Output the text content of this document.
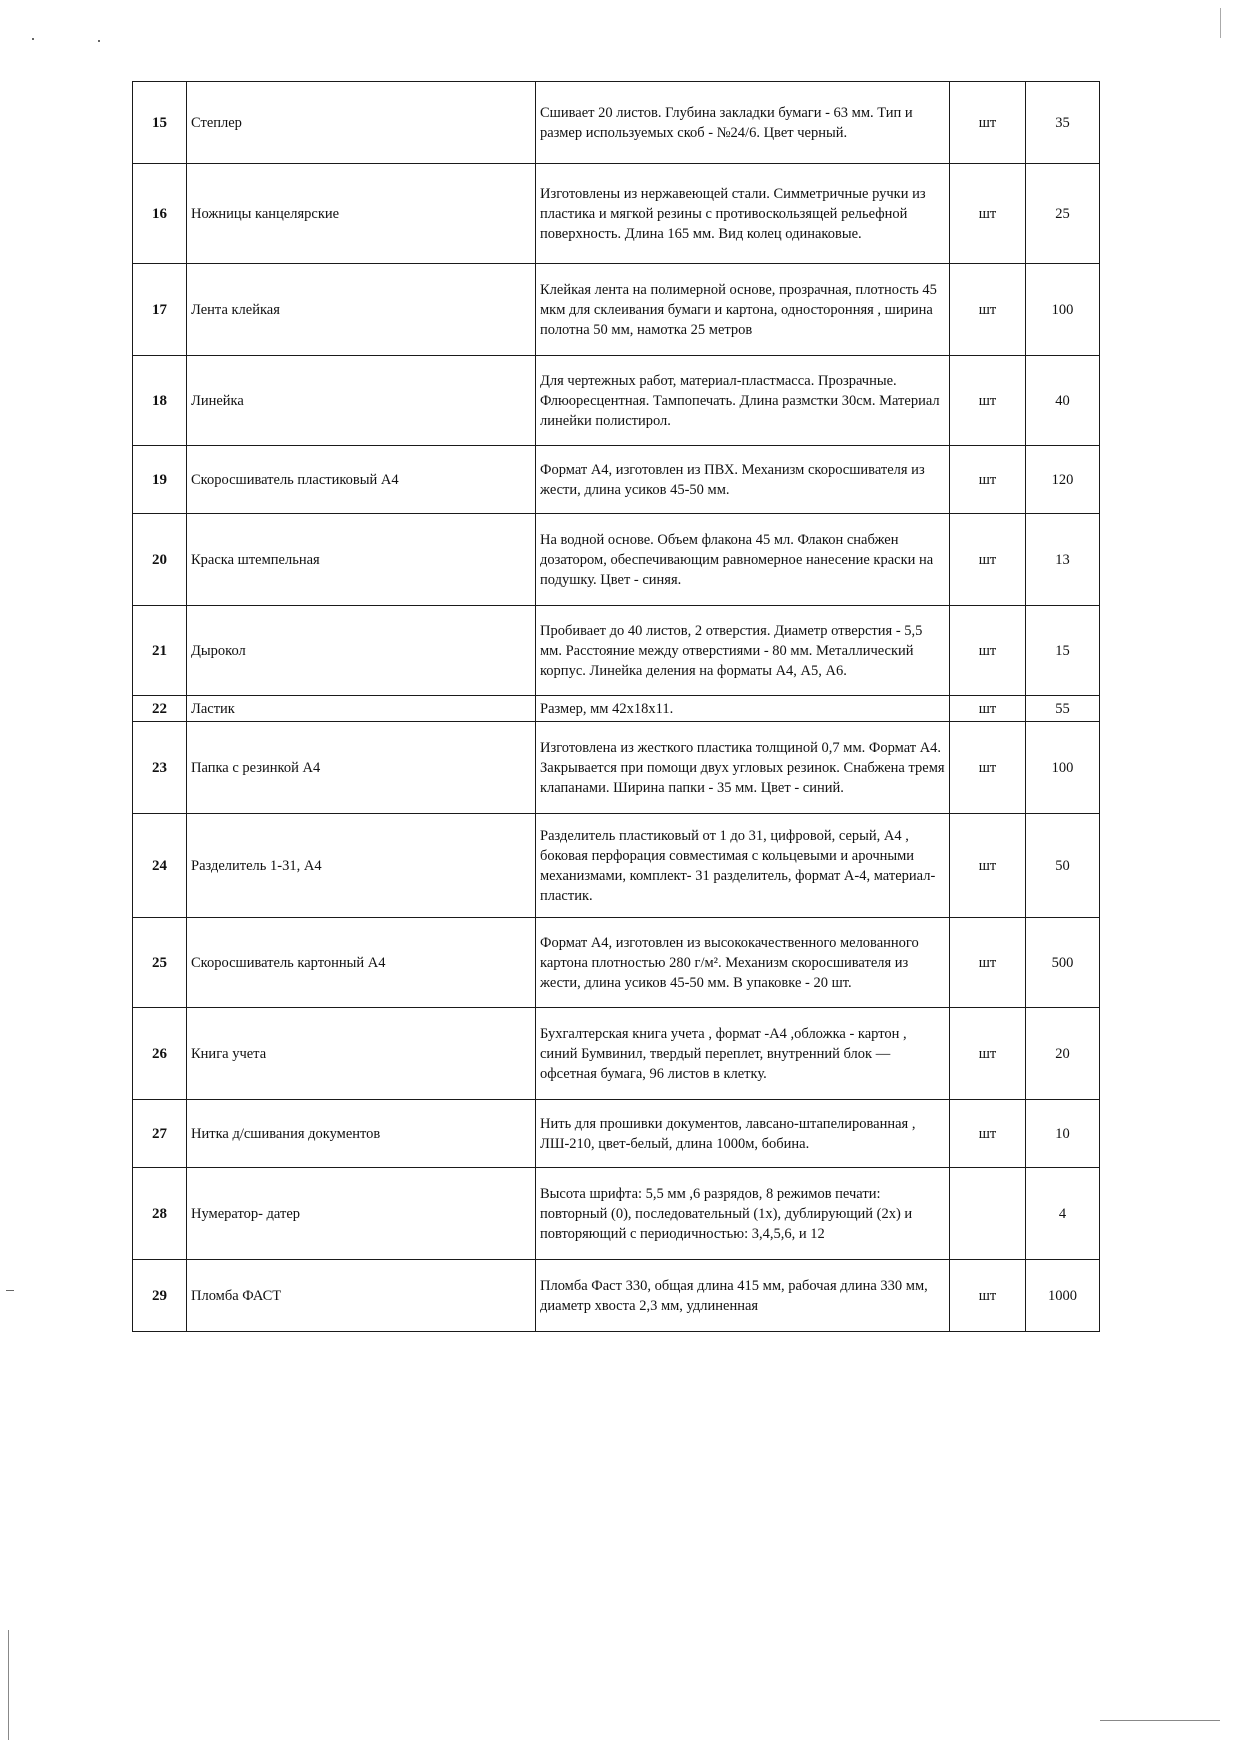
15	Степлер	Сшивает 20 листов. Глубина закладки бумаги - 63 мм. Тип и размер используемых скоб - №24/6. Цвет черный.	шт	35
16	Ножницы канцелярские	Изготовлены из нержавеющей стали. Симметричные ручки из пластика и мягкой резины с противоскользящей рельефной поверхность. Длина 165 мм. Вид колец одинаковые.	шт	25
17	Лента клейкая	Клейкая лента на полимерной основе, прозрачная, плотность 45 мкм для склеивания бумаги и картона, односторонняя , ширина полотна 50 мм, намотка 25 метров	шт	100
18	Линейка	Для чертежных работ, материал-пластмасса. Прозрачные. Флюоресцентная. Тампопечать. Длина размстки 30см. Материал линейки полистирол.	шт	40
19	Скоросшиватель пластиковый А4	Формат А4, изготовлен из ПВХ. Механизм скоросшивателя из жести, длина усиков 45-50 мм.	шт	120
20	Краска штемпельная	На водной основе. Объем флакона 45 мл. Флакон снабжен дозатором, обеспечивающим равномерное нанесение краски на подушку. Цвет - синяя.	шт	13
21	Дырокол	Пробивает до 40 листов, 2 отверстия. Диаметр отверстия - 5,5 мм. Расстояние между отверстиями - 80 мм. Металлический корпус. Линейка деления на форматы А4, А5, А6.	шт	15
22	Ластик	Размер, мм 42х18х11.	шт	55
23	Папка с резинкой А4	Изготовлена из жесткого пластика толщиной 0,7 мм. Формат А4. Закрывается при помощи двух угловых резинок. Снабжена тремя клапанами. Ширина папки - 35 мм. Цвет - синий.	шт	100
24	Разделитель 1-31, А4	Разделитель пластиковый от 1 до 31, цифровой, серый, А4 , боковая перфорация совместимая с кольцевыми и арочными механизмами, комплект- 31 разделитель, формат А-4, материал-пластик.	шт	50
25	Скоросшиватель картонный А4	Формат А4, изготовлен из высококачественного мелованного картона плотностью 280 г/м². Механизм скоросшивателя из жести, длина усиков 45-50 мм. В упаковке - 20 шт.	шт	500
26	Книга учета	Бухгалтерская книга учета , формат -А4 ,обложка - картон , синий Бумвинил, твердый переплет, внутренний блок — офсетная бумага, 96 листов в клетку.	шт	20
27	Нитка д/сшивания документов	Нить для прошивки документов, лавсано-штапелированная , ЛШ-210, цвет-белый, длина 1000м, бобина.	шт	10
28	Нумератор- датер	Высота шрифта: 5,5 мм ,6 разрядов, 8 режимов печати: повторный (0), последовательный (1х), дублирующий (2х) и повторяющий с периодичностью: 3,4,5,6, и 12		4
29	Пломба ФАСТ	Пломба Фаст 330, общая длина 415 мм, рабочая длина 330 мм, диаметр хвоста 2,3 мм, удлиненная	шт	1000
